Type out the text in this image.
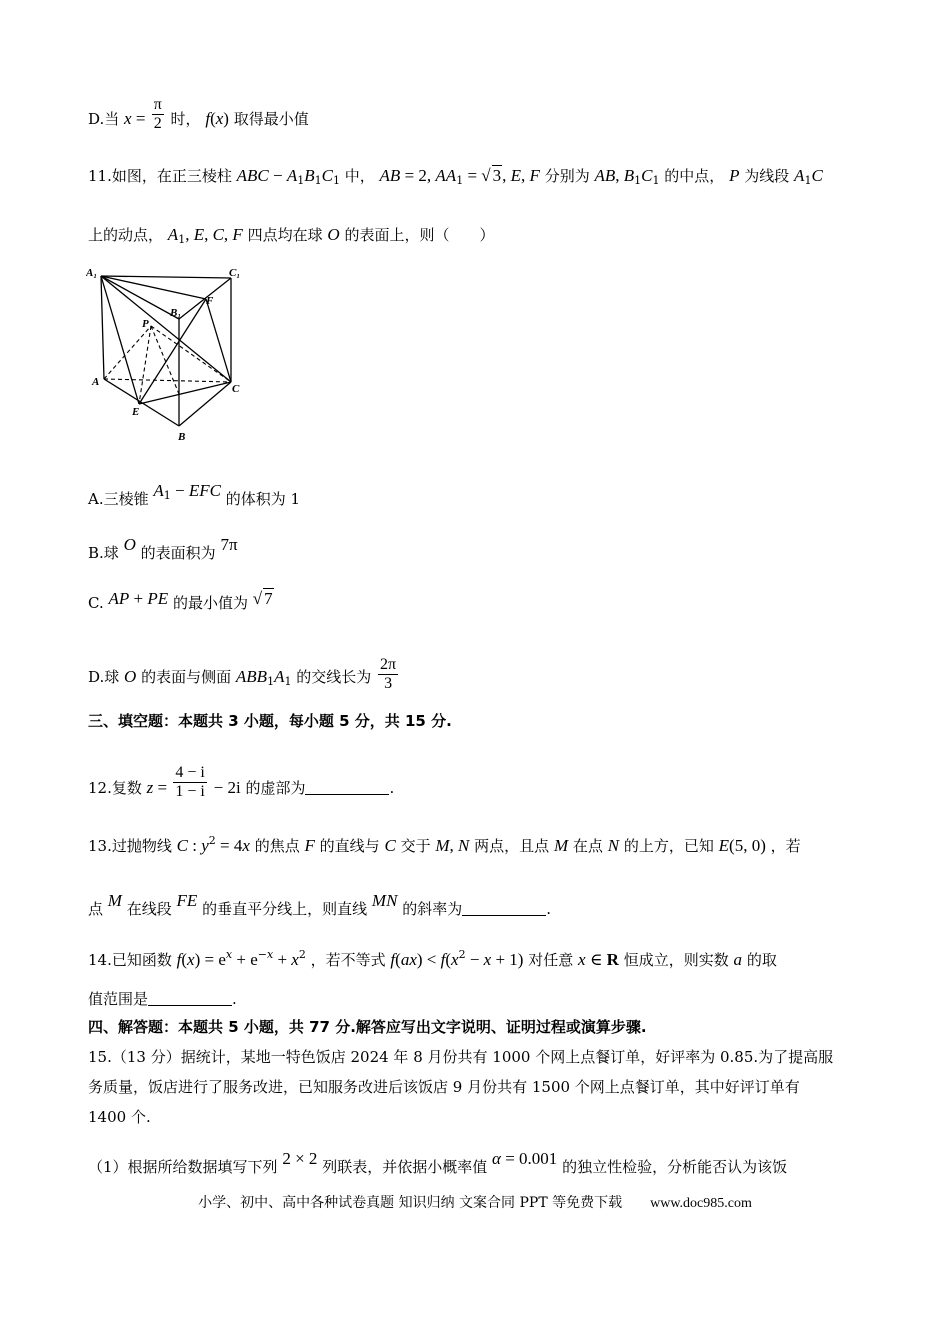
D.当 $x = \frac{\pi}{2}$ 时， f(x) 取得最小值
11.如图，在正三棱柱 ABC − $A_1B_1C_1$ 中， AB = 2, $AA_1$ = √ 3, E, F 分别为 AB, $B_1C_1$ 的中点， P 为线段 $A_1C$
上的动点， $A_1$, E, C, F 四点均在球 O 的表面上，则（　　）
A₁	C₁
B₁
F
P
A
C
E
B
A.三棱锥 $A^1$ − EFC 的体积为 1
B.球 O 的表面积为 7π
C. AP + PE 的最小值为 √ 7
D.球 O 的表面与侧面 $ABB_1A_1$ 的交线长为 $\frac{2\pi}{3}$
三、填空题：本题共 3 小题，每小题 5 分，共 15 分.
12.复数 $z = \frac{4 - i}{1 - i} - 2i$ 的虚部为	.
13.过抛物线 C : $y^2 = 4x$ 的焦点 F 的直线与 C 交于 M, N 两点，且点 M 在点 N 的上方，已知 E(5, 0) ，若
点 M 在线段 FE 的垂直平分线上，则直线 MN 的斜率为	.
14.已知函数 $f(x) = e^x + e^{-x} + x^2$ ，若不等式 $f(ax) < f(x^2 - x + 1)$ 对任意 x ∈ R 恒成立，则实数 a 的取
值范围是	.
四、解答题：本题共 5 小题，共 77 分.解答应写出文字说明、证明过程或演算步骤.
15.（13 分）据统计，某地一特色饭店 2024 年 8 月份共有 1000 个网上点餐订单，好评率为 0.85.为了提高服
务质量，饭店进行了服务改进，已知服务改进后该饭店 9 月份共有 1500 个网上点餐订单，其中好评订单有
1400 个.
（1）根据所给数据填写下列 2 × 2 列联表，并依据小概率值 α = 0.001 的独立性检验，分析能否认为该饭
小学、初中、高中各种试卷真题 知识归纳 文案合同 PPT 等免费下载 www.doc985.com
